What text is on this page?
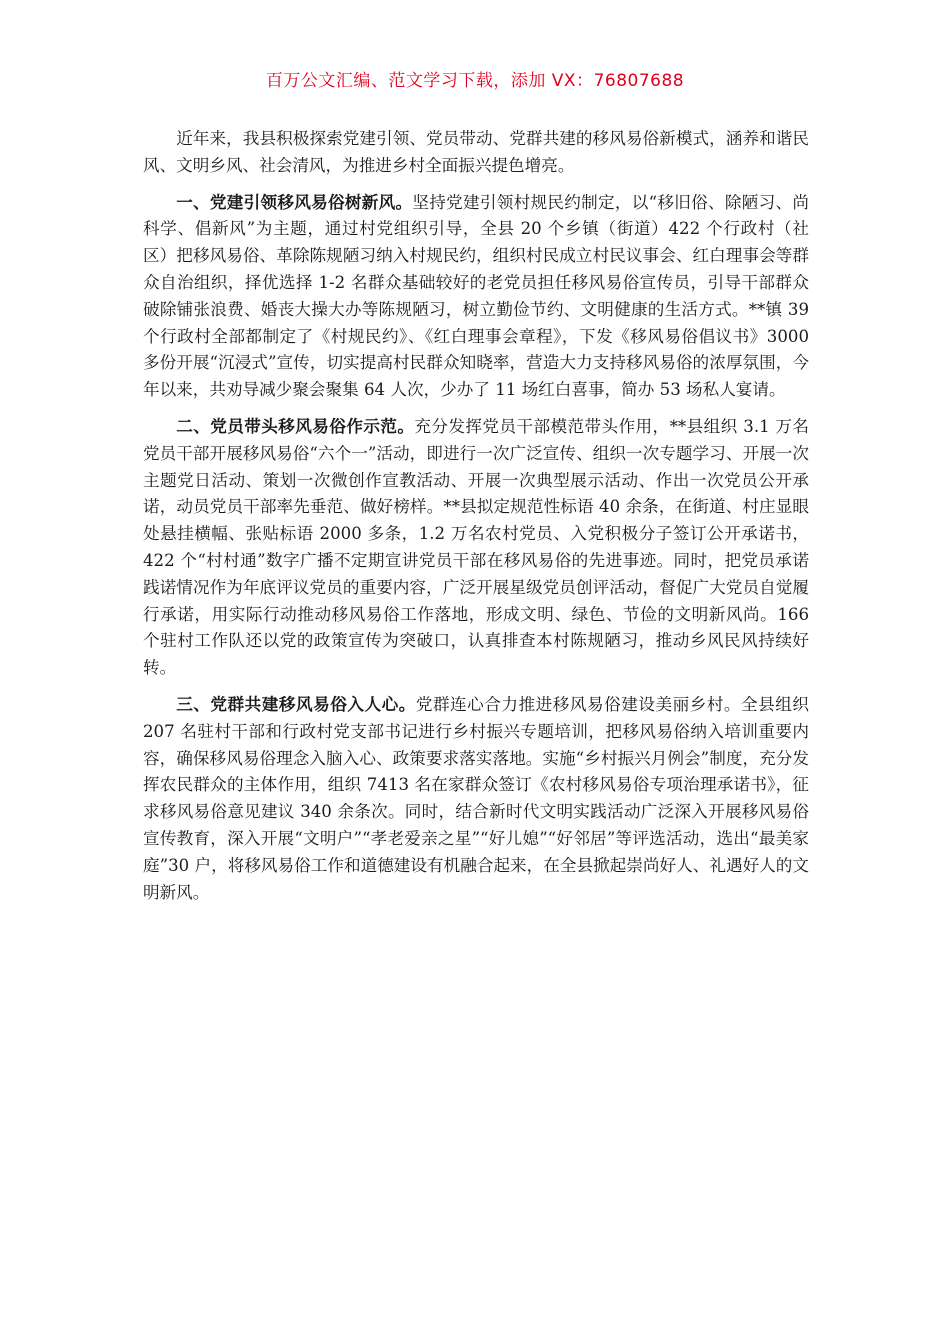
百万公文汇编、范文学习下载，添加 VX：76807688

近年来，我县积极探索党建引领、党员带动、党群共建的移风易俗新模式，涵养和谐民风、文明乡风、社会清风，为推进乡村全面振兴提色增亮。

一、党建引领移风易俗树新风。坚持党建引领村规民约制定，以“移旧俗、除陋习、尚科学、倡新风”为主题，通过村党组织引导，全县 20 个乡镇（街道）422 个行政村（社区）把移风易俗、革除陈规陋习纳入村规民约，组织村民成立村民议事会、红白理事会等群众自治组织，择优选择 1-2 名群众基础较好的老党员担任移风易俗宣传员，引导干部群众破除铺张浪费、婚丧大操大办等陈规陋习，树立勤俭节约、文明健康的生活方式。**镇 39 个行政村全部都制定了《村规民约》、《红白理事会章程》，下发《移风易俗倡议书》3000 多份开展“沉浸式”宣传，切实提高村民群众知晓率，营造大力支持移风易俗的浓厚氛围，今年以来，共劝导减少聚会聚集 64 人次，少办了 11 场红白喜事，简办 53 场私人宴请。

二、党员带头移风易俗作示范。充分发挥党员干部模范带头作用，**县组织 3.1 万名党员干部开展移风易俗“六个一”活动，即进行一次广泛宣传、组织一次专题学习、开展一次主题党日活动、策划一次微创作宣教活动、开展一次典型展示活动、作出一次党员公开承诺，动员党员干部率先垂范、做好榜样。**县拟定规范性标语 40 余条，在街道、村庄显眼处悬挂横幅、张贴标语 2000 多条，1.2 万名农村党员、入党积极分子签订公开承诺书，422 个“村村通”数字广播不定期宣讲党员干部在移风易俗的先进事迹。同时，把党员承诺践诺情况作为年底评议党员的重要内容，广泛开展星级党员创评活动，督促广大党员自觉履行承诺，用实际行动推动移风易俗工作落地，形成文明、绿色、节俭的文明新风尚。166 个驻村工作队还以党的政策宣传为突破口，认真排查本村陈规陋习，推动乡风民风持续好转。

三、党群共建移风易俗入人心。党群连心合力推进移风易俗建设美丽乡村。全县组织 207 名驻村干部和行政村党支部书记进行乡村振兴专题培训，把移风易俗纳入培训重要内容，确保移风易俗理念入脑入心、政策要求落实落地。实施“乡村振兴月例会”制度，充分发挥农民群众的主体作用，组织 7413 名在家群众签订《农村移风易俗专项治理承诺书》，征求移风易俗意见建议 340 余条次。同时，结合新时代文明实践活动广泛深入开展移风易俗宣传教育，深入开展“文明户”“孝老爱亲之星”“好儿媳”“好邻居”等评选活动，选出“最美家庭”30 户，将移风易俗工作和道德建设有机融合起来，在全县掀起崇尚好人、礼遇好人的文明新风。
